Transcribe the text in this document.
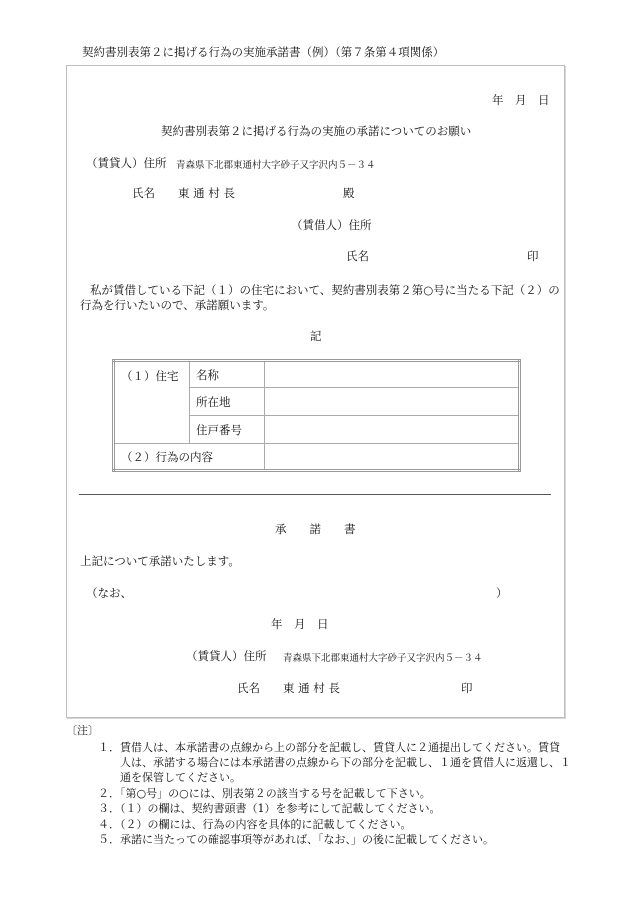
契約書別表第２に掲げる行為の実施承諾書（例）（第７条第４項関係）
年　月　日
契約書別表第２に掲げる行為の実施の承諾についてのお願い
（賃貸人）住所 青森県下北郡東通村大字砂子又字沢内５－３４
氏名 東 通 村 長	殿
（賃借人）住所
氏名	印
私が賃借している下記（１）の住宅において、契約書別表第２第○号に当たる下記（２）の
行為を行いたいので、承諾願います。
記
（１）住宅	名称	
	所在地	
	住戸番号	
（２）行為の内容		
承　　諾　　書
上記について承諾いたします。
（なお、	）
年　月　日
（賃貸人）住所 青森県下北郡東通村大字砂子又字沢内５－３４
氏名 東 通 村 長	印
〔注〕
１．賃借人は、本承諾書の点線から上の部分を記載し、賃貸人に２通提出してください。賃貸
人は、承諾する場合には本承諾書の点線から下の部分を記載し、１通を賃借人に返還し、１
通を保管してください。
２．「第○号」の○には、別表第２の該当する号を記載して下さい。
３．（１）の欄は、契約書頭書（1）を参考にして記載してください。
４．（２）の欄には、行為の内容を具体的に記載してください。
５．承諾に当たっての確認事項等があれば、「なお、」の後に記載してください。
